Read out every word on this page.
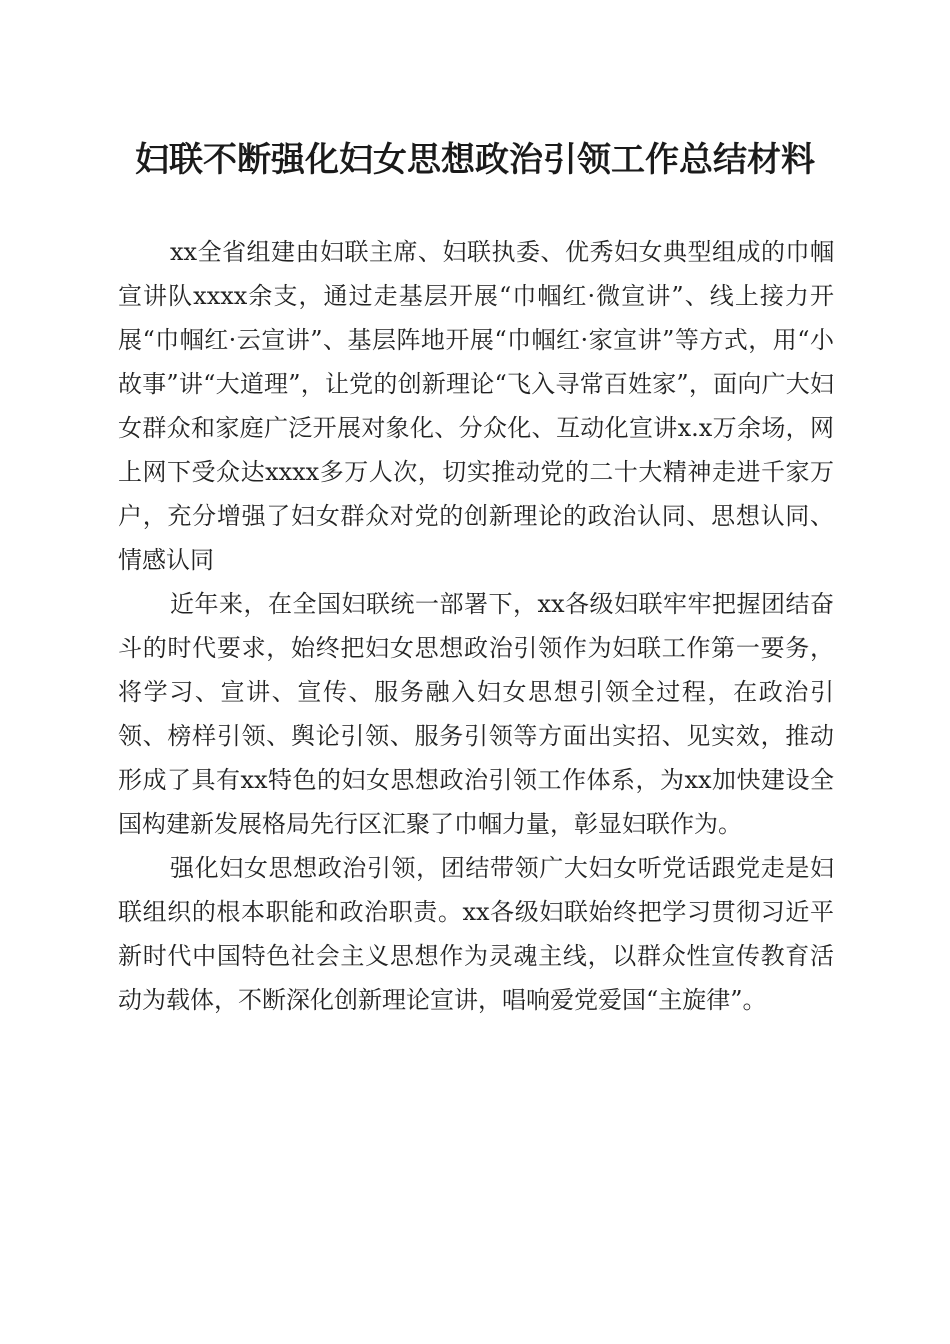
妇联不断强化妇女思想政治引领工作总结材料

xx全省组建由妇联主席、妇联执委、优秀妇女典型组成的巾帼宣讲队xxxx余支，通过走基层开展“巾帼红·微宣讲”、线上接力开展“巾帼红·云宣讲”、基层阵地开展“巾帼红·家宣讲”等方式，用“小故事”讲“大道理”，让党的创新理论“飞入寻常百姓家”，面向广大妇女群众和家庭广泛开展对象化、分众化、互动化宣讲x.x万余场，网上网下受众达xxxx多万人次，切实推动党的二十大精神走进千家万户，充分增强了妇女群众对党的创新理论的政治认同、思想认同、情感认同

近年来，在全国妇联统一部署下，xx各级妇联牢牢把握团结奋斗的时代要求，始终把妇女思想政治引领作为妇联工作第一要务，将学习、宣讲、宣传、服务融入妇女思想引领全过程，在政治引领、榜样引领、舆论引领、服务引领等方面出实招、见实效，推动形成了具有xx特色的妇女思想政治引领工作体系，为xx加快建设全国构建新发展格局先行区汇聚了巾帼力量，彰显妇联作为。

强化妇女思想政治引领，团结带领广大妇女听党话跟党走是妇联组织的根本职能和政治职责。xx各级妇联始终把学习贯彻习近平新时代中国特色社会主义思想作为灵魂主线，以群众性宣传教育活动为载体，不断深化创新理论宣讲，唱响爱党爱国“主旋律”。
